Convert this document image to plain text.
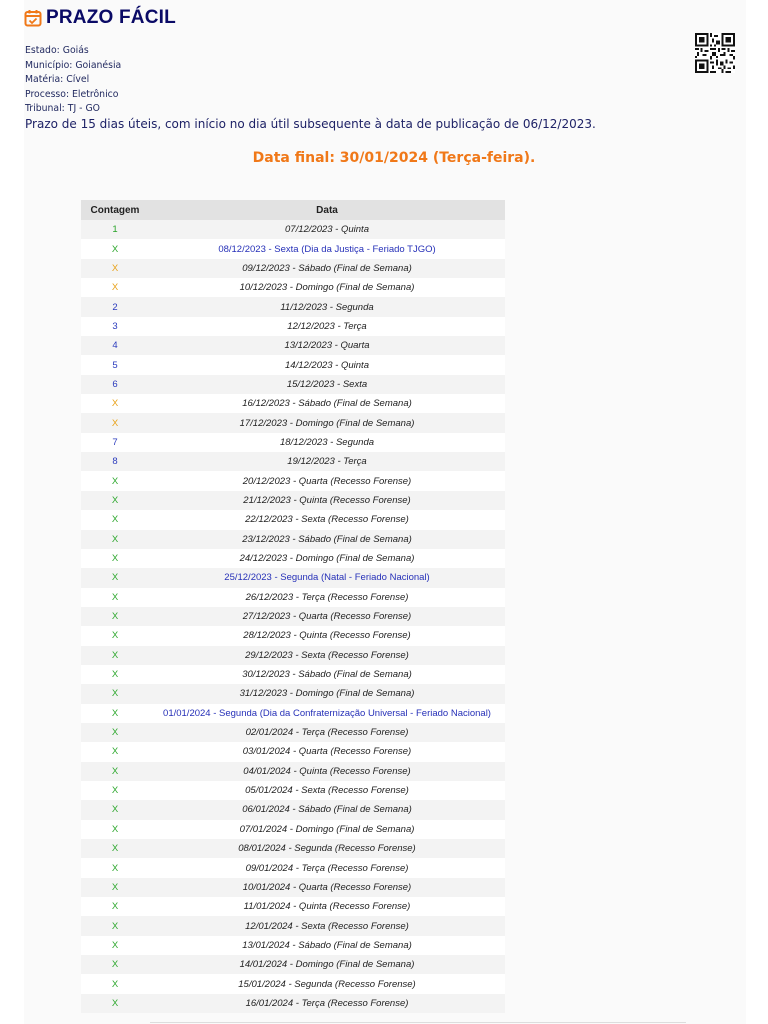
PRAZO FÁCIL
Estado: Goiás
Município: Goianésia
Matéria: Cível
Processo: Eletrônico
Tribunal: TJ - GO
Prazo de 15 dias úteis, com início no dia útil subsequente à data de publicação de 06/12/2023.
Data final: 30/01/2024 (Terça-feira).
Contagem	Data
1	07/12/2023 - Quinta
X	08/12/2023 - Sexta (Dia da Justiça - Feriado TJGO)
X	09/12/2023 - Sábado (Final de Semana)
X	10/12/2023 - Domingo (Final de Semana)
2	11/12/2023 - Segunda
3	12/12/2023 - Terça
4	13/12/2023 - Quarta
5	14/12/2023 - Quinta
6	15/12/2023 - Sexta
X	16/12/2023 - Sábado (Final de Semana)
X	17/12/2023 - Domingo (Final de Semana)
7	18/12/2023 - Segunda
8	19/12/2023 - Terça
X	20/12/2023 - Quarta (Recesso Forense)
X	21/12/2023 - Quinta (Recesso Forense)
X	22/12/2023 - Sexta (Recesso Forense)
X	23/12/2023 - Sábado (Final de Semana)
X	24/12/2023 - Domingo (Final de Semana)
X	25/12/2023 - Segunda (Natal - Feriado Nacional)
X	26/12/2023 - Terça (Recesso Forense)
X	27/12/2023 - Quarta (Recesso Forense)
X	28/12/2023 - Quinta (Recesso Forense)
X	29/12/2023 - Sexta (Recesso Forense)
X	30/12/2023 - Sábado (Final de Semana)
X	31/12/2023 - Domingo (Final de Semana)
X	01/01/2024 - Segunda (Dia da Confraternização Universal - Feriado Nacional)
X	02/01/2024 - Terça (Recesso Forense)
X	03/01/2024 - Quarta (Recesso Forense)
X	04/01/2024 - Quinta (Recesso Forense)
X	05/01/2024 - Sexta (Recesso Forense)
X	06/01/2024 - Sábado (Final de Semana)
X	07/01/2024 - Domingo (Final de Semana)
X	08/01/2024 - Segunda (Recesso Forense)
X	09/01/2024 - Terça (Recesso Forense)
X	10/01/2024 - Quarta (Recesso Forense)
X	11/01/2024 - Quinta (Recesso Forense)
X	12/01/2024 - Sexta (Recesso Forense)
X	13/01/2024 - Sábado (Final de Semana)
X	14/01/2024 - Domingo (Final de Semana)
X	15/01/2024 - Segunda (Recesso Forense)
X	16/01/2024 - Terça (Recesso Forense)
